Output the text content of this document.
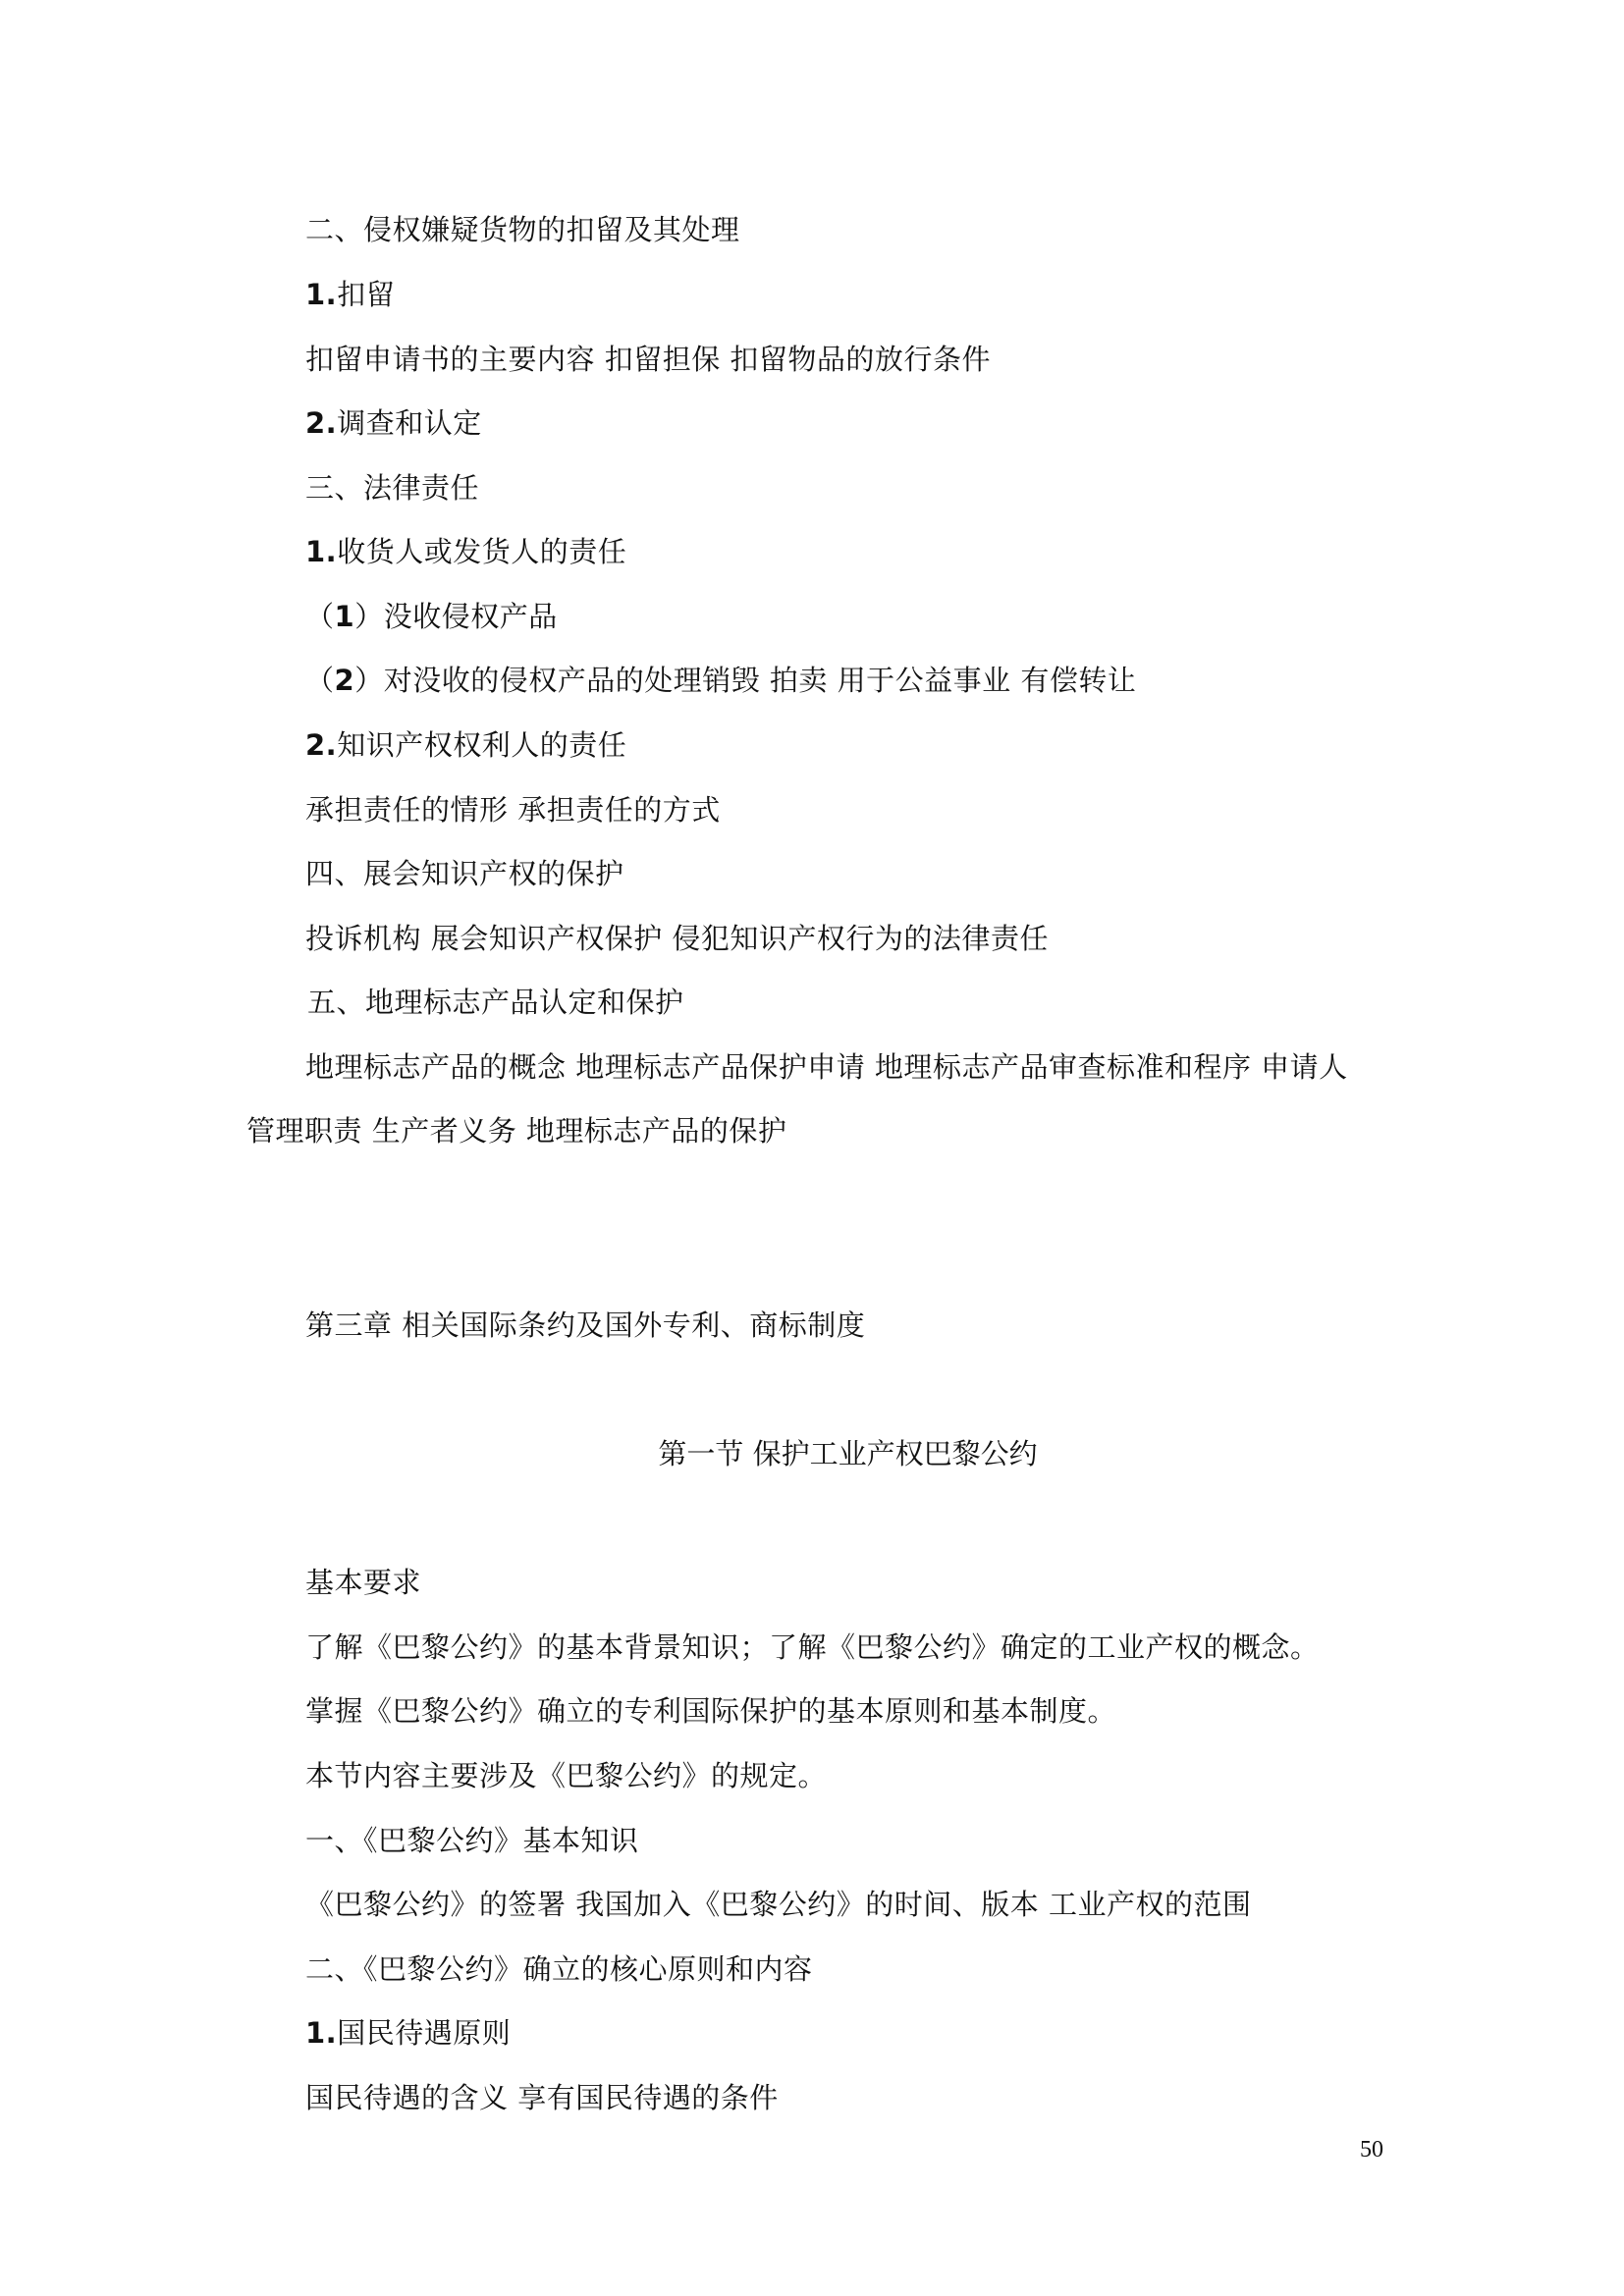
二、侵权嫌疑货物的扣留及其处理
1.扣留
扣留申请书的主要内容 扣留担保 扣留物品的放行条件
2.调查和认定
三、法律责任
1.收货人或发货人的责任
（1）没收侵权产品
（2）对没收的侵权产品的处理销毁 拍卖 用于公益事业 有偿转让
2.知识产权权利人的责任
承担责任的情形 承担责任的方式
四、展会知识产权的保护
投诉机构 展会知识产权保护 侵犯知识产权行为的法律责任
五、地理标志产品认定和保护
地理标志产品的概念 地理标志产品保护申请 地理标志产品审查标准和程序 申请人
管理职责 生产者义务 地理标志产品的保护
第三章 相关国际条约及国外专利、商标制度
第一节 保护工业产权巴黎公约
基本要求
了解《巴黎公约》的基本背景知识；了解《巴黎公约》确定的工业产权的概念。
掌握《巴黎公约》确立的专利国际保护的基本原则和基本制度。
本节内容主要涉及《巴黎公约》的规定。
一、《巴黎公约》基本知识
《巴黎公约》的签署 我国加入《巴黎公约》的时间、版本 工业产权的范围
二、《巴黎公约》确立的核心原则和内容
1.国民待遇原则
国民待遇的含义 享有国民待遇的条件
50
